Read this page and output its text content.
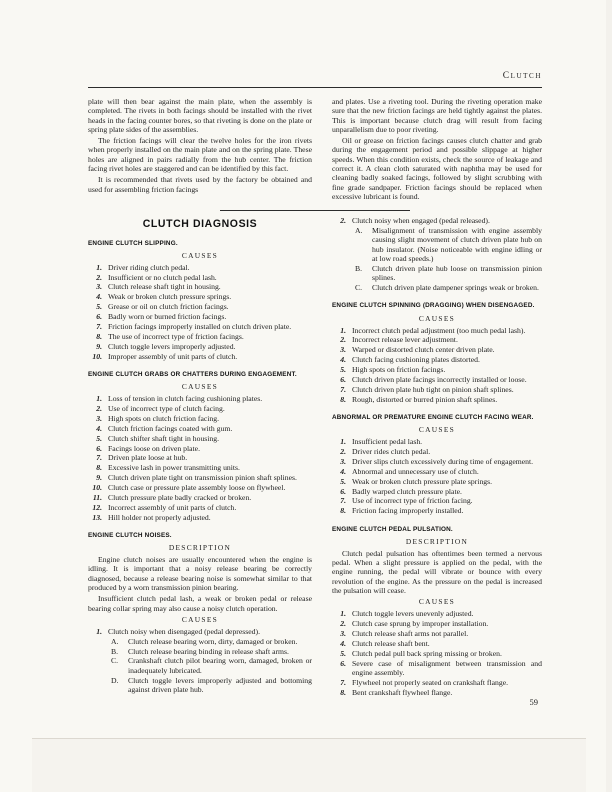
Clutch

plate will then bear against the main plate, when the assembly is completed. The rivets in both facings should be installed with the rivet heads in the facing counter bores, so that riveting is done on the plate or spring plate sides of the assemblies.

The friction facings will clear the twelve holes for the iron rivets when properly installed on the main plate and on the spring plate. These holes are aligned in pairs radially from the hub center. The friction facing rivet holes are staggered and can be identified by this fact.

It is recommended that rivets used by the factory be obtained and used for assembling friction facings

and plates. Use a riveting tool. During the riveting operation make sure that the new friction facings are held tightly against the plates. This is important because clutch drag will result from facing unparallelism due to poor riveting.

Oil or grease on friction facings causes clutch chatter and grab during the engagement period and possible slippage at higher speeds. When this condition exists, check the source of leakage and correct it. A clean cloth saturated with naphtha may be used for cleaning badly soaked facings, followed by slight scrubbing with fine grade sandpaper. Friction facings should be replaced when excessive lubricant is found.

CLUTCH DIAGNOSIS
ENGINE CLUTCH SLIPPING.
CAUSES
1. Driver riding clutch pedal.
2. Insufficient or no clutch pedal lash.
3. Clutch release shaft tight in housing.
4. Weak or broken clutch pressure springs.
5. Grease or oil on clutch friction facings.
6. Badly worn or burned friction facings.
7. Friction facings improperly installed on clutch driven plate.
8. The use of incorrect type of friction facings.
9. Clutch toggle levers improperly adjusted.
10. Improper assembly of unit parts of clutch.
ENGINE CLUTCH GRABS OR CHATTERS DURING ENGAGEMENT.
CAUSES
1. Loss of tension in clutch facing cushioning plates.
2. Use of incorrect type of clutch facing.
3. High spots on clutch friction facing.
4. Clutch friction facings coated with gum.
5. Clutch shifter shaft tight in housing.
6. Facings loose on driven plate.
7. Driven plate loose at hub.
8. Excessive lash in power transmitting units.
9. Clutch driven plate tight on transmission pinion shaft splines.
10. Clutch case or pressure plate assembly loose on flywheel.
11. Clutch pressure plate badly cracked or broken.
12. Incorrect assembly of unit parts of clutch.
13. Hill holder not properly adjusted.
ENGINE CLUTCH NOISES.
DESCRIPTION

Engine clutch noises are usually encountered when the engine is idling. It is important that a noisy release bearing be correctly diagnosed, because a release bearing noise is somewhat similar to that produced by a worn transmission pinion bearing.

Insufficient clutch pedal lash, a weak or broken pedal or release bearing collar spring may also cause a noisy clutch operation.

CAUSES
1. Clutch noisy when disengaged (pedal depressed).
A.	Clutch release bearing worn, dirty, damaged or broken.
B.	Clutch release bearing binding in release shaft arms.
C.	Crankshaft clutch pilot bearing worn, damaged, broken or inadequately lubricated.
D.	Clutch toggle levers improperly adjusted and bottoming against driven plate hub.
2. Clutch noisy when engaged (pedal released).
A.	Misalignment of transmission with engine assembly causing slight movement of clutch driven plate hub on hub insulator. (Noise noticeable with engine idling or at low road speeds.)
B.	Clutch driven plate hub loose on transmission pinion splines.
C.	Clutch driven plate dampener springs weak or broken.
ENGINE CLUTCH SPINNING (DRAGGING) WHEN DISENGAGED.
CAUSES
1. Incorrect clutch pedal adjustment (too much pedal lash).
2. Incorrect release lever adjustment.
3. Warped or distorted clutch center driven plate.
4. Clutch facing cushioning plates distorted.
5. High spots on friction facings.
6. Clutch driven plate facings incorrectly installed or loose.
7. Clutch driven plate hub tight on pinion shaft splines.
8. Rough, distorted or burred pinion shaft splines.
ABNORMAL OR PREMATURE ENGINE CLUTCH FACING WEAR.
CAUSES
1. Insufficient pedal lash.
2. Driver rides clutch pedal.
3. Driver slips clutch excessively during time of engagement.
4. Abnormal and unnecessary use of clutch.
5. Weak or broken clutch pressure plate springs.
6. Badly warped clutch pressure plate.
7. Use of incorrect type of friction facing.
8. Friction facing improperly installed.
ENGINE CLUTCH PEDAL PULSATION.
DESCRIPTION

Clutch pedal pulsation has oftentimes been termed a nervous pedal. When a slight pressure is applied on the pedal, with the engine running, the pedal will vibrate or bounce with every revolution of the engine. As the pressure on the pedal is increased the pulsation will cease.

CAUSES
1. Clutch toggle levers unevenly adjusted.
2. Clutch case sprung by improper installation.
3. Clutch release shaft arms not parallel.
4. Clutch release shaft bent.
5. Clutch pedal pull back spring missing or broken.
6. Severe case of misalignment between transmission and engine assembly.
7. Flywheel not properly seated on crankshaft flange.
8. Bent crankshaft flywheel flange.
59
